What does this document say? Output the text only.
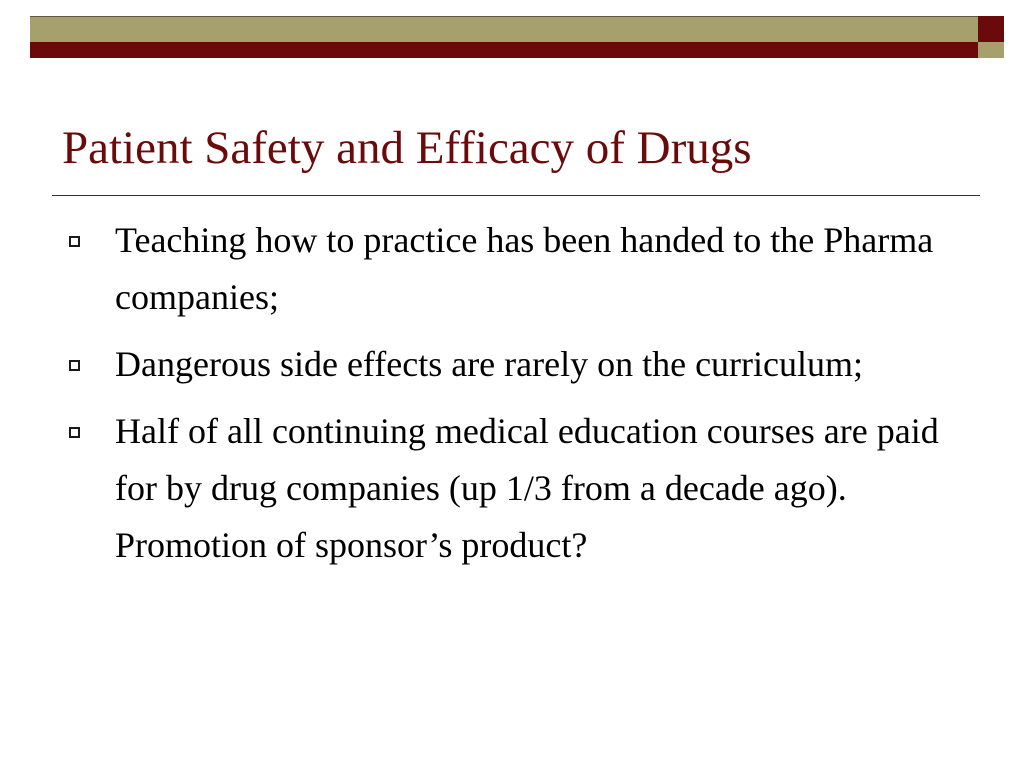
Patient Safety and Efficacy of Drugs
Teaching how to practice has been handed to the Pharma companies;
Dangerous side effects are rarely on the curriculum;
Half of all continuing medical education courses are paid for by drug companies (up 1/3 from a decade ago). Promotion of sponsor’s product?
